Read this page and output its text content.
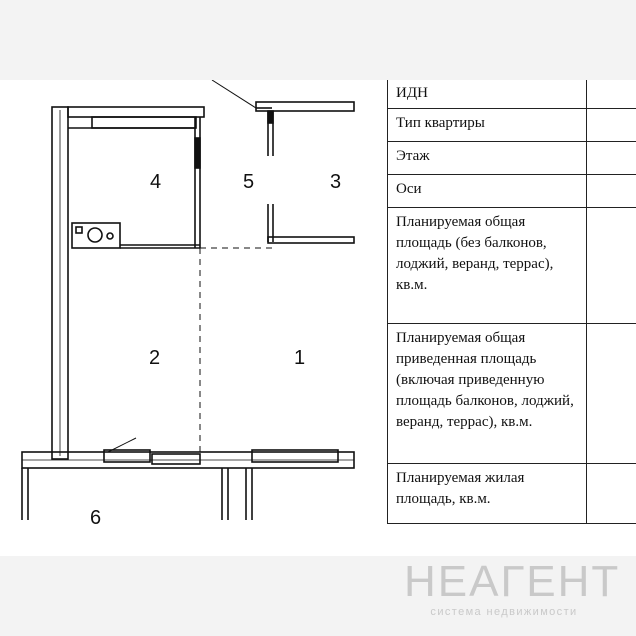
4	5	3
2	1
6
ИДН	
Тип квартиры	
Этаж	
Оси	
Планируемая общая площадь (без балконов, лоджий, веранд, террас), кв.м.	
Планируемая общая приведенная площадь (включая приведенную площадь балконов, лоджий, веранд, террас), кв.м.	
Планируемая жилая площадь, кв.м.	
НЕАГЕНТ
система недвижимости
